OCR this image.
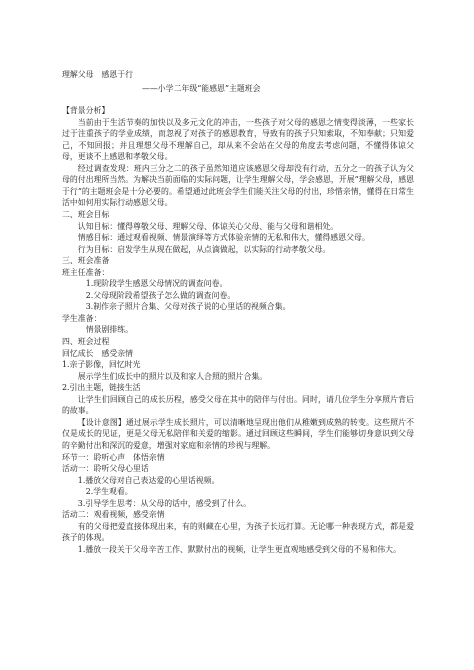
理解父母　感恩于行

——小学二年级“能感恩”主题班会

【背景分析】

当前由于生活节奏的加快以及多元文化的冲击，一些孩子对父母的感恩之情变得淡薄，一些家长过于注重孩子的学业成绩，而忽视了对孩子的感恩教育，导致有的孩子只知索取，不知奉献；只知爱己，不知回报；并且理想父母不理解自己，却从来不会站在父母的角度去考虑问题，不懂得体谅父母，更谈不上感恩和孝敬父母。

经过调查发现：班内三分之二的孩子虽然知道应该感恩父母却没有行动，五分之一的孩子认为父母的付出理所当然。为解决当前面临的实际问题，让学生理解父母，学会感恩，开展“理解父母，感恩于行”的主题班会是十分必要的。希望通过此班会学生们能关注父母的付出，珍惜亲情，懂得在日常生活中如何用实际行动感恩父母。

二、班会目标

认知目标：懂得尊敬父母、理解父母、体谅关心父母、能与父母和谐相处。

情感目标：通过观看视频、情景演绎等方式体验亲情的无私和伟大，懂得感恩父母。

行为目标：启发学生从现在做起，从点滴做起，以实际的行动孝敬父母。

三、班会准备

班主任准备：

1.现阶段学生感恩父母情况的调查问卷。

2.父母现阶段希望孩子怎么做的调查问卷。

3.制作亲子照片合集、父母对孩子说的心里话的视频合集。

学生准备：

情景剧排练。

四、班会过程

回忆成长　感受亲情

1.亲子影像，回忆时光

展示学生们成长中的照片以及和家人合照的照片合集。

2.引出主题，链接生活

让学生们回顾自己的成长历程，感受父母在其中的陪伴与付出。同时，请几位学生分享照片背后的故事。

【设计意图】通过展示学生成长照片，可以清晰地呈现出他们从稚嫩到成熟的转变。这些照片不仅是成长的见证，更是父母无私陪伴和关爱的缩影。通过回顾这些瞬间，学生们能够切身意识到父母的辛勤付出和深沉的爱意，增强对家庭和亲情的珍视与理解。

环节一：聆听心声　体悟亲情

活动一：聆听父母心里话

1.播放父母对自己表达爱的心里话视频。

2.学生观看。

3.引导学生思考：从父母的话中，感受到了什么。

活动二：观看视频，感受亲情

有的父母把爱直接体现出来，有的则藏在心里，为孩子长远打算。无论哪一种表现方式，都是爱孩子的体现。

1.播放一段关于父母辛苦工作、默默付出的视频，让学生更直观地感受到父母的不易和伟大。
